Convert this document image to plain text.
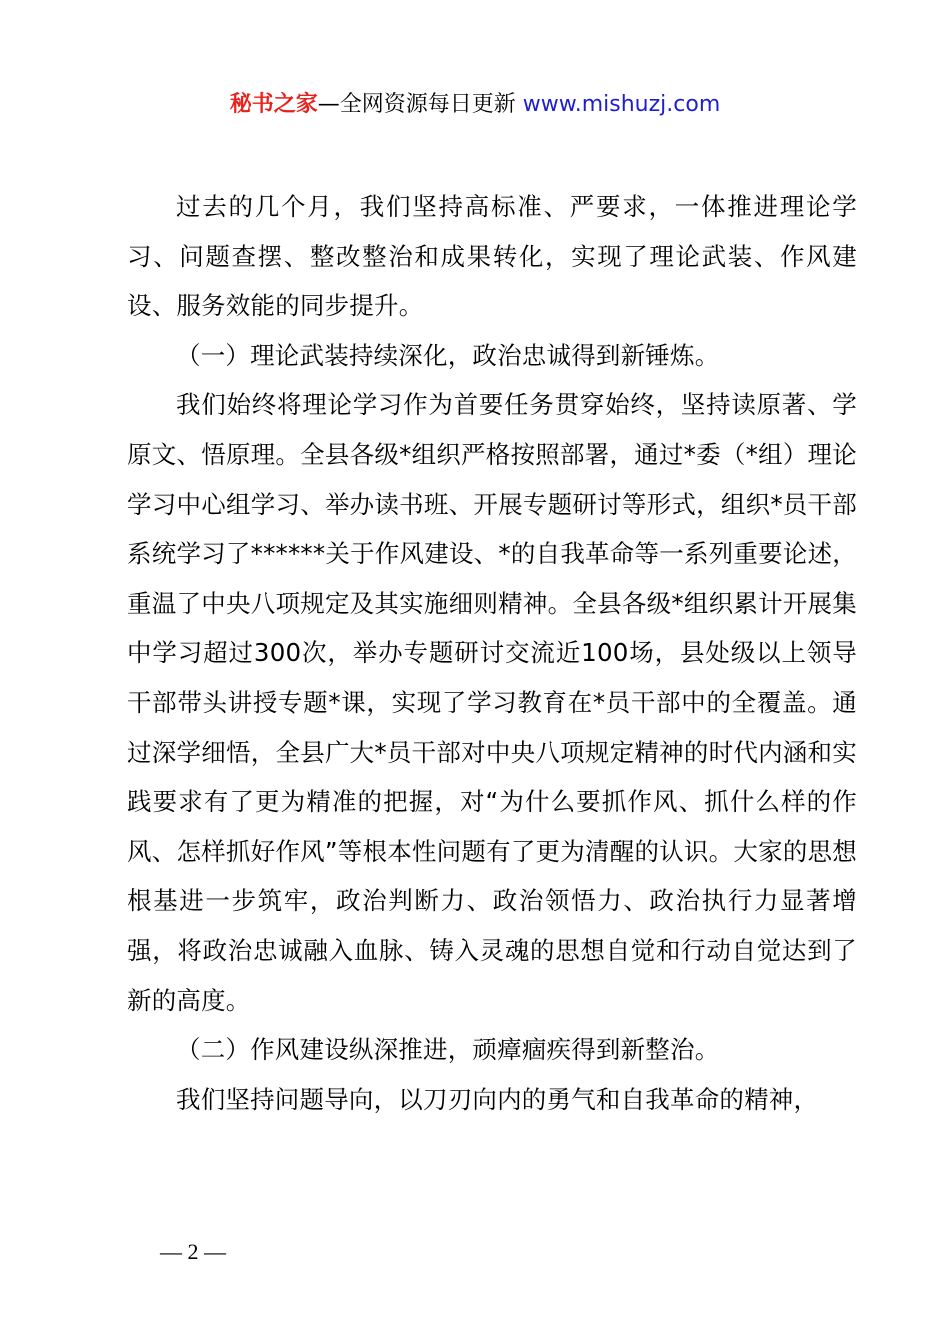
秘书之家—全网资源每日更新 www.mishuzj.com

过去的几个月，我们坚持高标准、严要求，一体推进理论学习、问题查摆、整改整治和成果转化，实现了理论武装、作风建设、服务效能的同步提升。

（一）理论武装持续深化，政治忠诚得到新锤炼。

我们始终将理论学习作为首要任务贯穿始终，坚持读原著、学原文、悟原理。全县各级*组织严格按照部署，通过*委（*组）理论学习中心组学习、举办读书班、开展专题研讨等形式，组织*员干部系统学习了******关于作风建设、*的自我革命等一系列重要论述，重温了中央八项规定及其实施细则精神。全县各级*组织累计开展集中学习超过300次，举办专题研讨交流近100场，县处级以上领导干部带头讲授专题*课，实现了学习教育在*员干部中的全覆盖。通过深学细悟，全县广大*员干部对中央八项规定精神的时代内涵和实践要求有了更为精准的把握，对“为什么要抓作风、抓什么样的作风、怎样抓好作风”等根本性问题有了更为清醒的认识。大家的思想根基进一步筑牢，政治判断力、政治领悟力、政治执行力显著增强，将政治忠诚融入血脉、铸入灵魂的思想自觉和行动自觉达到了新的高度。

（二）作风建设纵深推进，顽瘴痼疾得到新整治。

我们坚持问题导向，以刀刃向内的勇气和自我革命的精神，

— 2 —
